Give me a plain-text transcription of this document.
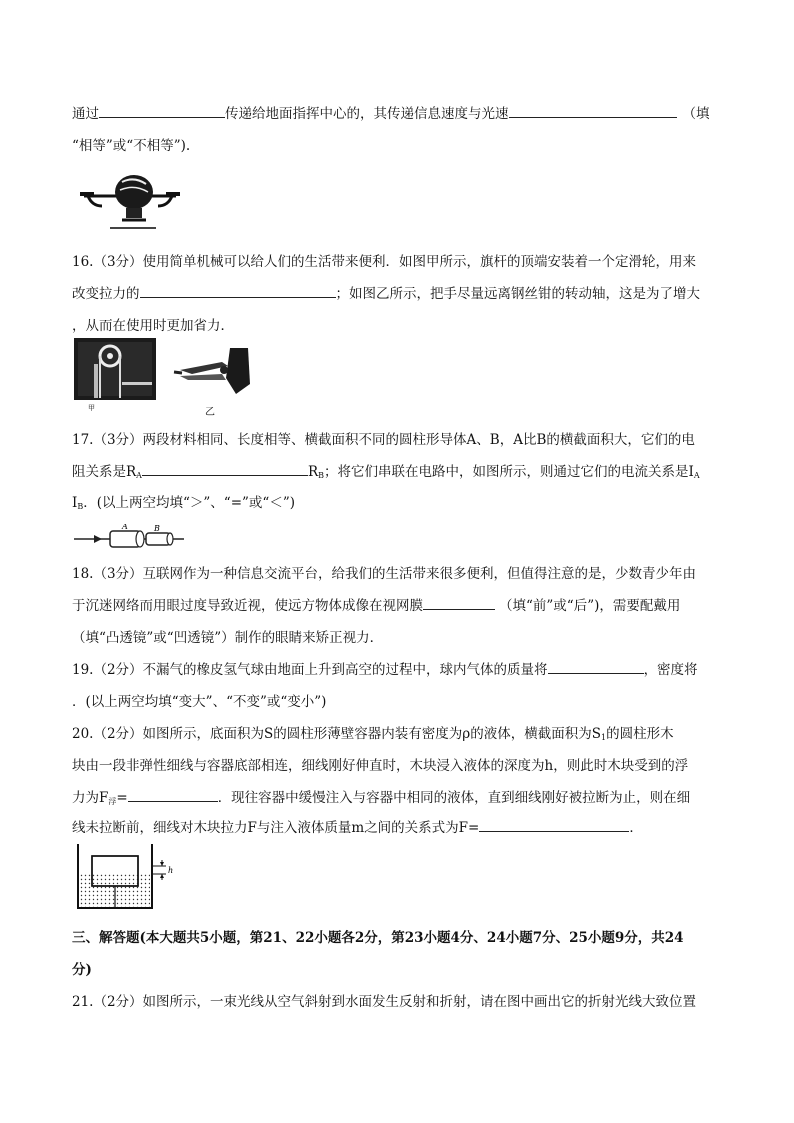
通过	传递给地面指挥中心的，其传递信息速度与光速	（填
“相等”或“不相等”).
16.（3分）使用简单机械可以给人们的生活带来便利．如图甲所示，旗杆的顶端安装着一个定滑轮，用来
改变拉力的	；如图乙所示，把手尽量远离钢丝钳的转动轴，这是为了增大
，从而在使用时更加省力．
甲	乙
17.（3分）两段材料相同、长度相等、横截面积不同的圆柱形导体A、B，A比B的横截面积大，它们的电
阻关系是$R_A$	$R_B$；将它们串联在电路中，如图所示，则通过它们的电流关系是$I_A$
$I_B$．(以上两空均填“＞”、“=”或“＜”)
A	B
18.（3分）互联网作为一种信息交流平台，给我们的生活带来很多便利，但值得注意的是，少数青少年由
于沉迷网络而用眼过度导致近视，使远方物体成像在视网膜	（填“前”或“后”)，需要配戴用
（填“凸透镜”或“凹透镜”）制作的眼睛来矫正视力．
19.（2分）不漏气的橡皮氢气球由地面上升到高空的过程中，球内气体的质量将	，密度将
．(以上两空均填“变大”、“不变”或“变小”)
20.（2分）如图所示，底面积为S的圆柱形薄壁容器内装有密度为ρ的液体，横截面积为$S_1$的圆柱形木
块由一段非弹性细线与容器底部相连，细线刚好伸直时，木块浸入液体的深度为h，则此时木块受到的浮
力为$F_浮=$	．现往容器中缓慢注入与容器中相同的液体，直到细线刚好被拉断为止，则在细
线未拉断前，细线对木块拉力F与注入液体质量m之间的关系式为F=	．
h
三、解答题(本大题共5小题，第21、22小题各2分，第23小题4分、24小题7分、25小题9分，共24
分)
21.（2分）如图所示，一束光线从空气斜射到水面发生反射和折射，请在图中画出它的折射光线大致位置
